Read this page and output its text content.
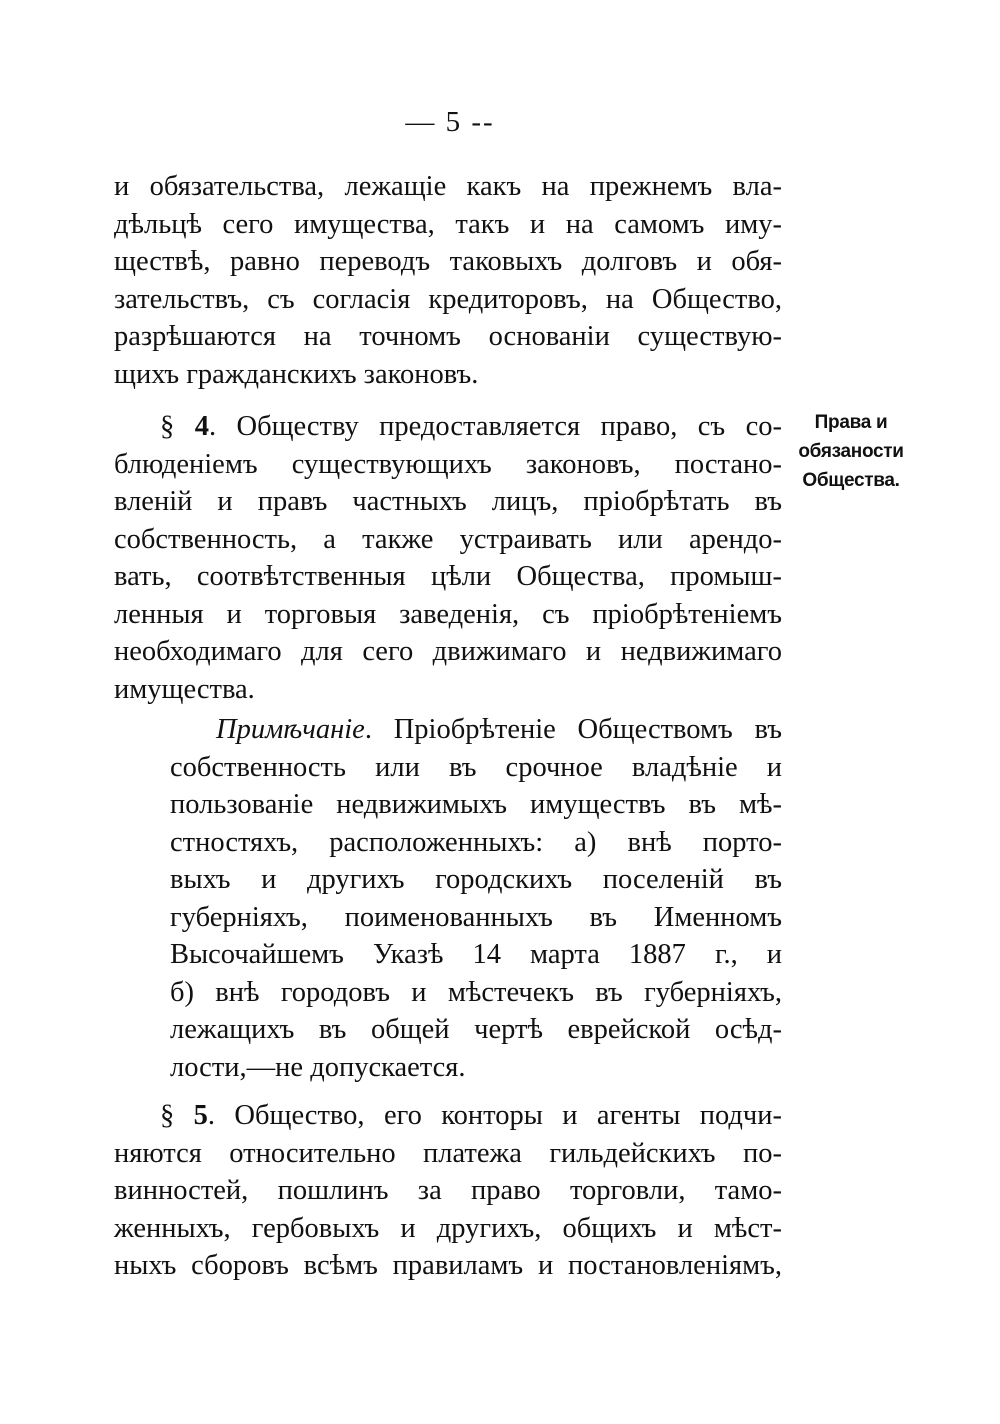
— 5 --
и обязательства, лежащіе какъ на прежнемъ вла-
дѣльцѣ сего имущества, такъ и на самомъ иму-
ществѣ, равно переводъ таковыхъ долговъ и обя-
зательствъ, съ согласія кредиторовъ, на Общество,
разрѣшаются на точномъ основаніи существую-
щихъ гражданскихъ законовъ.
§ 4. Обществу предоставляется право, съ со-
блюденіемъ существующихъ законовъ, постано-
вленій и правъ частныхъ лицъ, пріобрѣтать въ
собственность, а также устраивать или арендо-
вать, соотвѣтственныя цѣли Общества, промыш-
ленныя и торговыя заведенія, съ пріобрѣтеніемъ
необходимаго для сего движимаго и недвижимаго
имущества.
Права и
обязаности
Общества.
Примѣчаніе. Пріобрѣтеніе Обществомъ въ
собственность или въ срочное владѣніе и
пользованіе недвижимыхъ имуществъ въ мѣ-
стностяхъ, расположенныхъ: а) внѣ порто-
выхъ и другихъ городскихъ поселеній въ
губерніяхъ, поименованныхъ въ Именномъ
Высочайшемъ Указѣ 14 марта 1887 г., и
б) внѣ городовъ и мѣстечекъ въ губерніяхъ,
лежащихъ въ общей чертѣ еврейской осѣд-
лости,—не допускается.
§ 5. Общество, его конторы и агенты подчи-
няются относительно платежа гильдейскихъ по-
винностей, пошлинъ за право торговли, тамо-
женныхъ, гербовыхъ и другихъ, общихъ и мѣст-
ныхъ сборовъ всѣмъ правиламъ и постановленіямъ,
